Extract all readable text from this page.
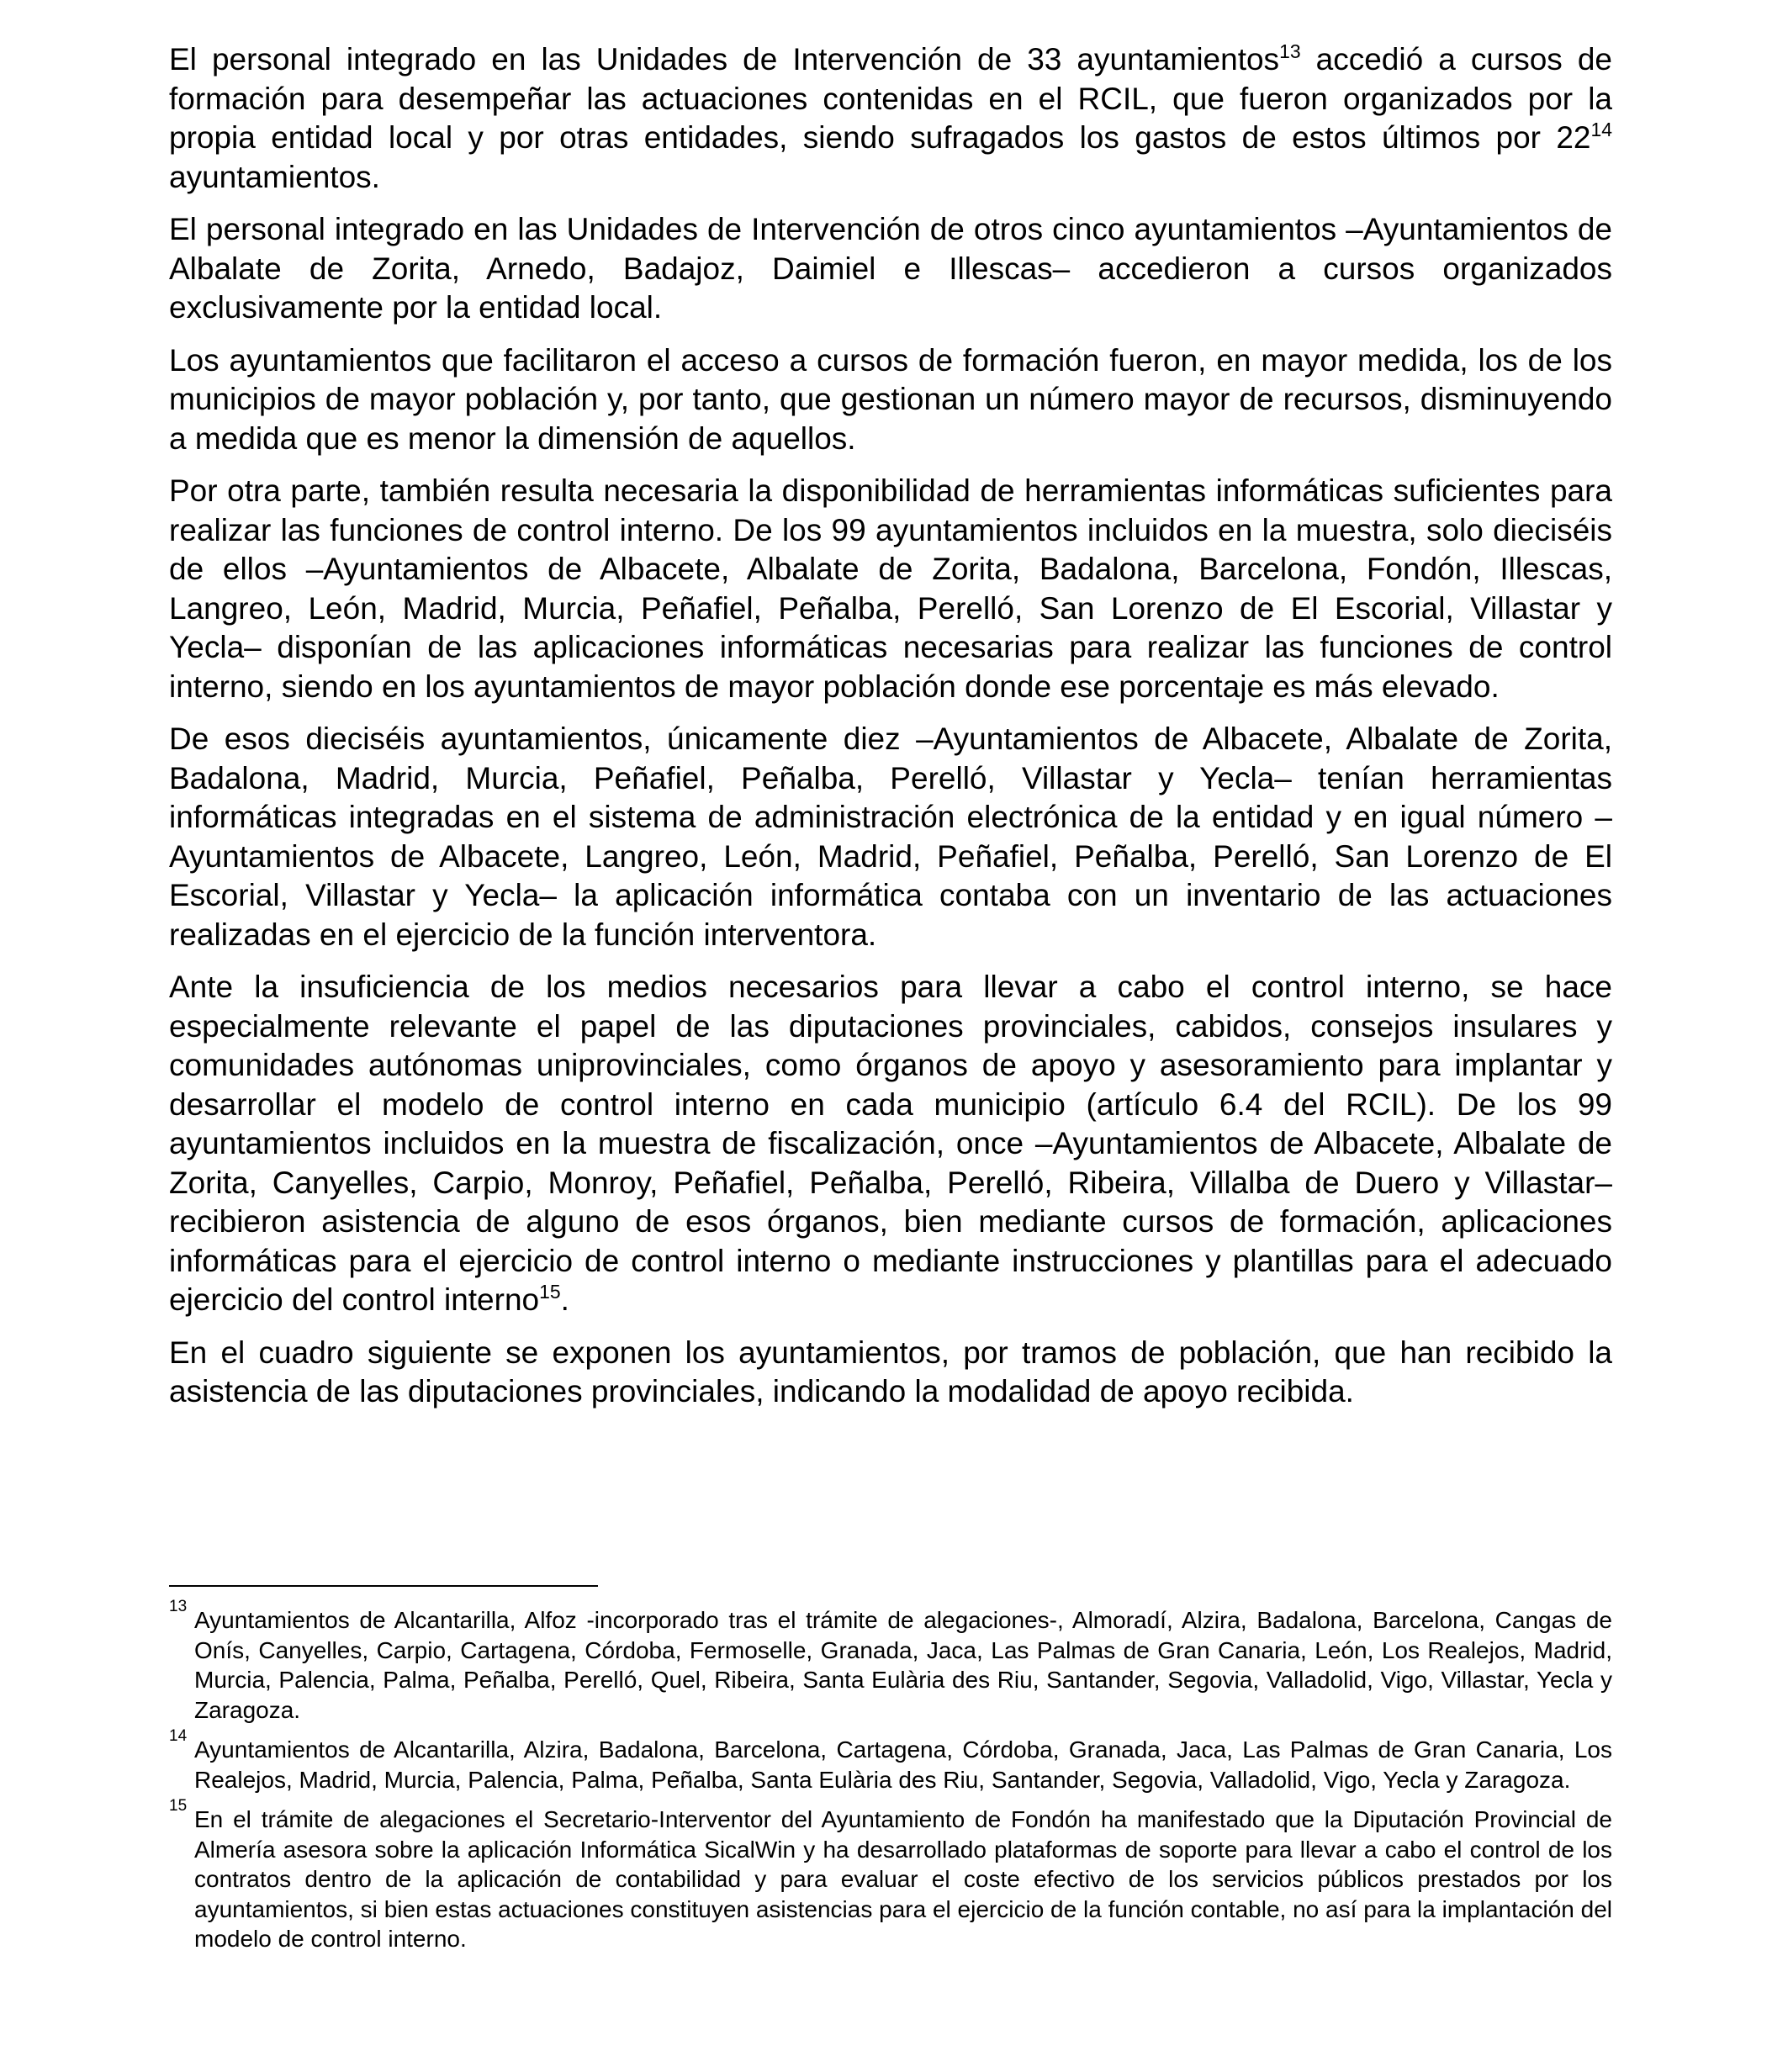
El personal integrado en las Unidades de Intervención de 33 ayuntamientos$^{13}$ accedió a cursos de formación para desempeñar las actuaciones contenidas en el RCIL, que fueron organizados por la propia entidad local y por otras entidades, siendo sufragados los gastos de estos últimos por $22^{14}$ ayuntamientos.

El personal integrado en las Unidades de Intervención de otros cinco ayuntamientos ‒Ayuntamientos de Albalate de Zorita, Arnedo, Badajoz, Daimiel e Illescas‒ accedieron a cursos organizados exclusivamente por la entidad local.

Los ayuntamientos que facilitaron el acceso a cursos de formación fueron, en mayor medida, los de los municipios de mayor población y, por tanto, que gestionan un número mayor de recursos, disminuyendo a medida que es menor la dimensión de aquellos.

Por otra parte, también resulta necesaria la disponibilidad de herramientas informáticas suficientes para realizar las funciones de control interno. De los 99 ayuntamientos incluidos en la muestra, solo dieciséis de ellos ‒Ayuntamientos de Albacete, Albalate de Zorita, Badalona, Barcelona, Fondón, Illescas, Langreo, León, Madrid, Murcia, Peñafiel, Peñalba, Perelló, San Lorenzo de El Escorial, Villastar y Yecla‒ disponían de las aplicaciones informáticas necesarias para realizar las funciones de control interno, siendo en los ayuntamientos de mayor población donde ese porcentaje es más elevado.

De esos dieciséis ayuntamientos, únicamente diez ‒Ayuntamientos de Albacete, Albalate de Zorita, Badalona, Madrid, Murcia, Peñafiel, Peñalba, Perelló, Villastar y Yecla‒ tenían herramientas informáticas integradas en el sistema de administración electrónica de la entidad y en igual número ‒ Ayuntamientos de Albacete, Langreo, León, Madrid, Peñafiel, Peñalba, Perelló, San Lorenzo de El Escorial, Villastar y Yecla‒ la aplicación informática contaba con un inventario de las actuaciones realizadas en el ejercicio de la función interventora.

Ante la insuficiencia de los medios necesarios para llevar a cabo el control interno, se hace especialmente relevante el papel de las diputaciones provinciales, cabidos, consejos insulares y comunidades autónomas uniprovinciales, como órganos de apoyo y asesoramiento para implantar y desarrollar el modelo de control interno en cada municipio (artículo 6.4 del RCIL). De los 99 ayuntamientos incluidos en la muestra de fiscalización, once ‒Ayuntamientos de Albacete, Albalate de Zorita, Canyelles, Carpio, Monroy, Peñafiel, Peñalba, Perelló, Ribeira, Villalba de Duero y Villastar‒ recibieron asistencia de alguno de esos órganos, bien mediante cursos de formación, aplicaciones informáticas para el ejercicio de control interno o mediante instrucciones y plantillas para el adecuado ejercicio del control interno$^{15}$.

En el cuadro siguiente se exponen los ayuntamientos, por tramos de población, que han recibido la asistencia de las diputaciones provinciales, indicando la modalidad de apoyo recibida.

13
Ayuntamientos de Alcantarilla, Alfoz -incorporado tras el trámite de alegaciones-, Almoradí, Alzira, Badalona, Barcelona, Cangas de Onís, Canyelles, Carpio, Cartagena, Córdoba, Fermoselle, Granada, Jaca, Las Palmas de Gran Canaria, León, Los Realejos, Madrid, Murcia, Palencia, Palma, Peñalba, Perelló, Quel, Ribeira, Santa Eulària des Riu, Santander, Segovia, Valladolid, Vigo, Villastar, Yecla y Zaragoza.

14
Ayuntamientos de Alcantarilla, Alzira, Badalona, Barcelona, Cartagena, Córdoba, Granada, Jaca, Las Palmas de Gran Canaria, Los Realejos, Madrid, Murcia, Palencia, Palma, Peñalba, Santa Eulària des Riu, Santander, Segovia, Valladolid, Vigo, Yecla y Zaragoza.

15
En el trámite de alegaciones el Secretario-Interventor del Ayuntamiento de Fondón ha manifestado que la Diputación Provincial de Almería asesora sobre la aplicación Informática SicalWin y ha desarrollado plataformas de soporte para llevar a cabo el control de los contratos dentro de la aplicación de contabilidad y para evaluar el coste efectivo de los servicios públicos prestados por los ayuntamientos, si bien estas actuaciones constituyen asistencias para el ejercicio de la función contable, no así para la implantación del modelo de control interno.
